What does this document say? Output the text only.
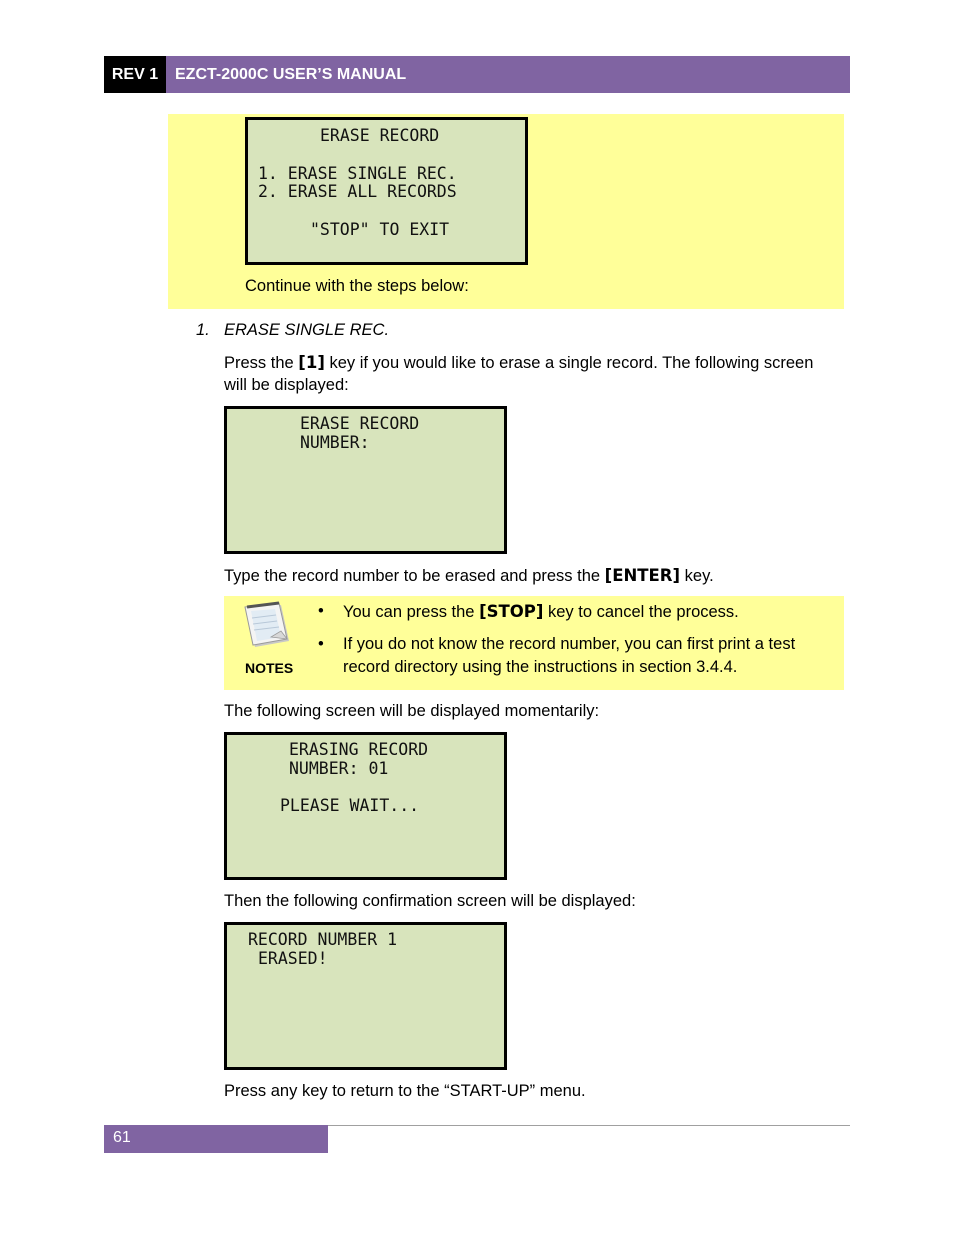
REV 1	EZCT-2000C USER’S MANUAL
ERASE RECORD
1. ERASE SINGLE REC.
2. ERASE ALL RECORDS
"STOP" TO EXIT
Continue with the steps below:
1. ERASE SINGLE REC.
Press the [1] key if you would like to erase a single record. The following screen
will be displayed:
ERASE RECORD
NUMBER:
Type the record number to be erased and press the [ENTER] key.
NOTES
• You can press the [STOP] key to cancel the process.
• If you do not know the record number, you can first print a test
record directory using the instructions in section 3.4.4.
The following screen will be displayed momentarily:
ERASING RECORD
NUMBER: 01
PLEASE WAIT...
Then the following confirmation screen will be displayed:
RECORD NUMBER 1
ERASED!
Press any key to return to the “START-UP” menu.
61
